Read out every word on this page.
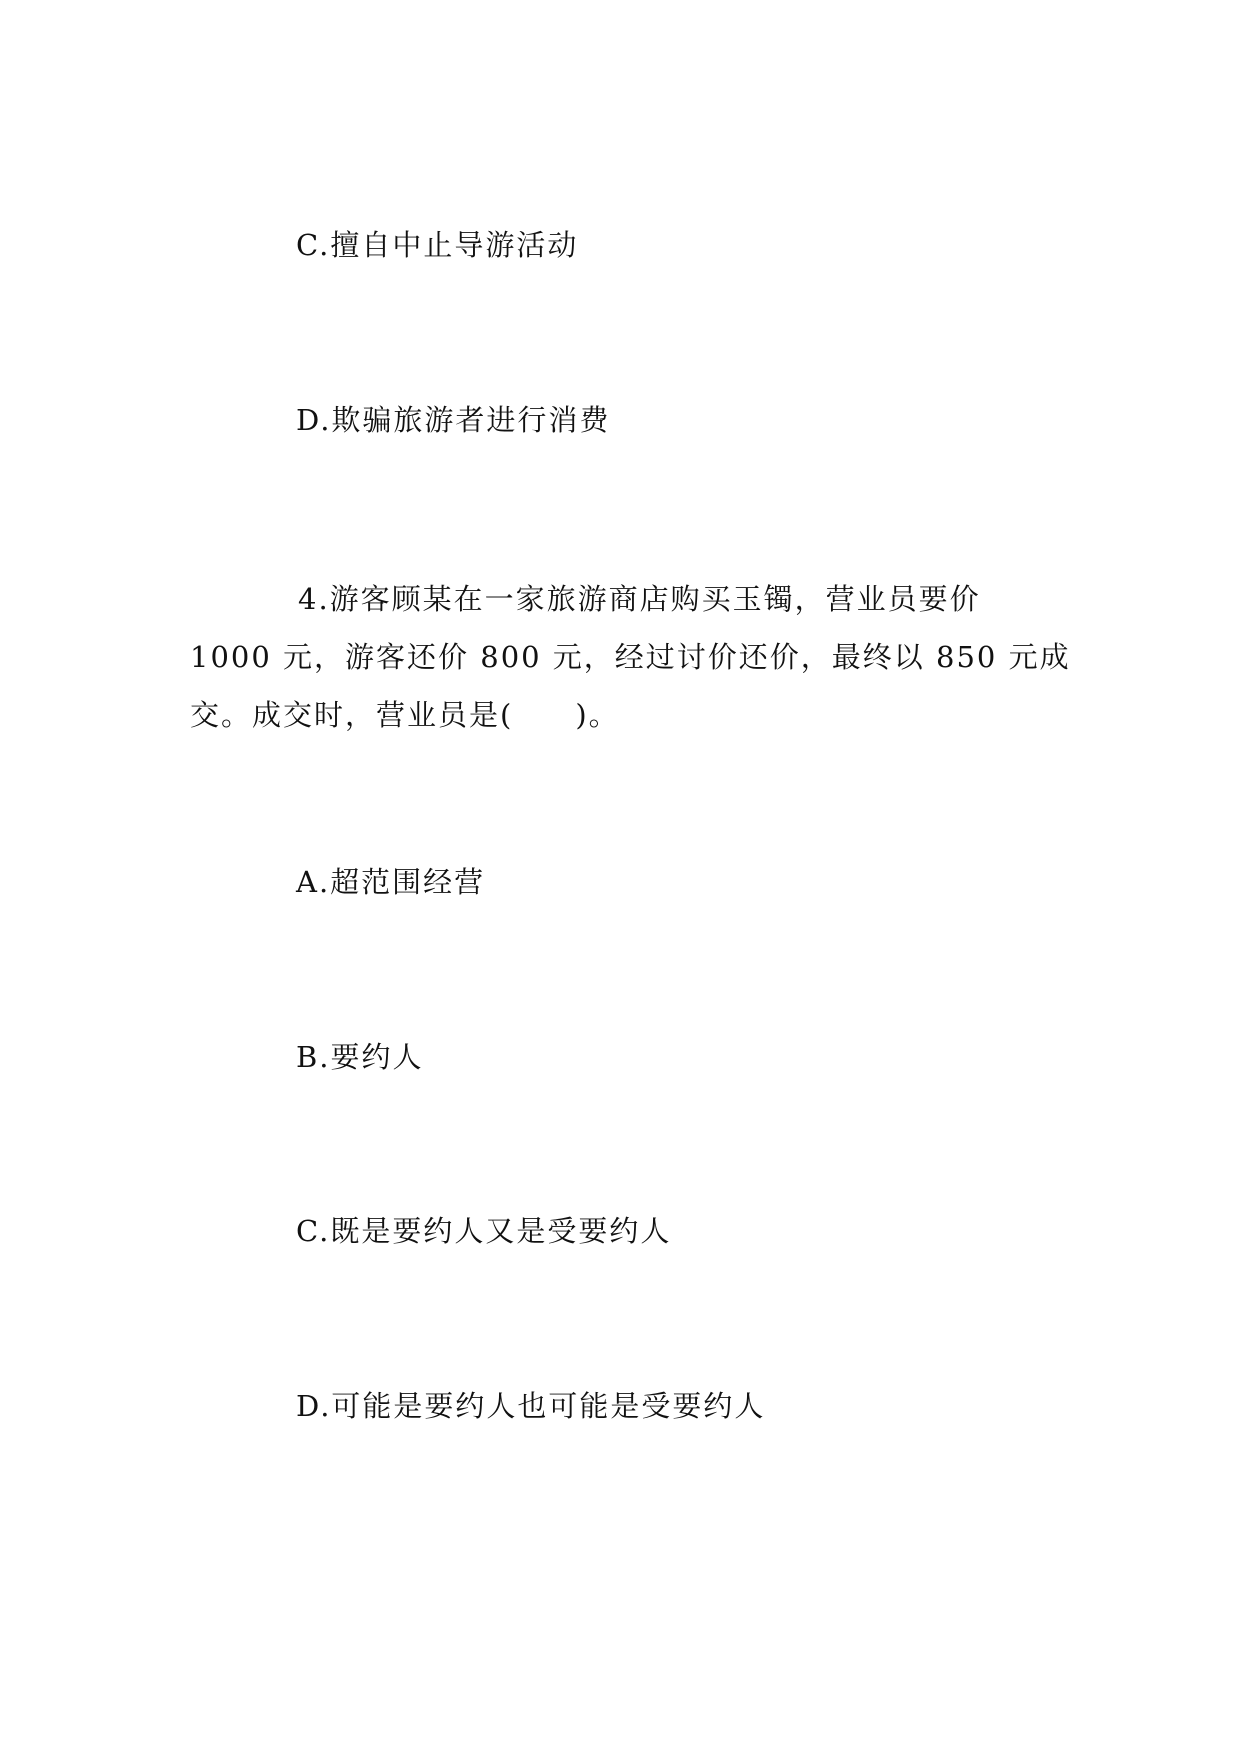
C.擅自中止导游活动
D.欺骗旅游者进行消费
4.游客顾某在一家旅游商店购买玉镯，营业员要价
1000 元，游客还价 800 元，经过讨价还价，最终以 850 元成
交。成交时，营业员是(　　)。
A.超范围经营
B.要约人
C.既是要约人又是受要约人
D.可能是要约人也可能是受要约人
